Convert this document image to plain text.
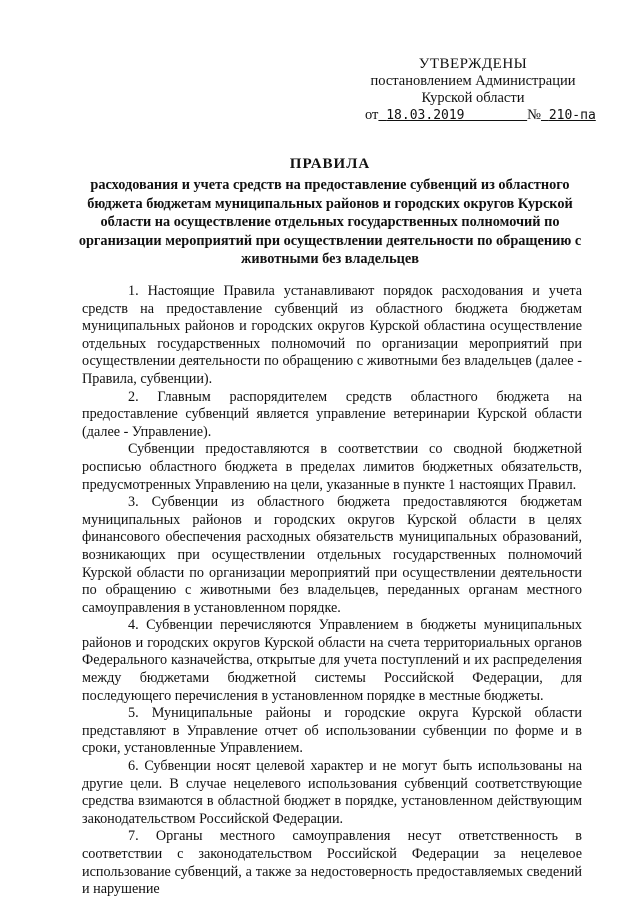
УТВЕРЖДЕНЫ
постановлением Администрации
Курской области
от 18.03.2019	№ 210-па
ПРАВИЛА
расходования и учета средств на предоставление субвенций из областного бюджета бюджетам муниципальных районов и городских округов Курской области на осуществление отдельных государственных полномочий по организации мероприятий при осуществлении деятельности по обращению с животными без владельцев

1. Настоящие Правила устанавливают порядок расходования и учета средств на предоставление субвенций из областного бюджета бюджетам муниципальных районов и городских округов Курской областина осуществление отдельных государственных полномочий по организации мероприятий при осуществлении деятельности по обращению с животными без владельцев (далее - Правила, субвенции).

2. Главным распорядителем средств областного бюджета на предоставление субвенций является управление ветеринарии Курской области (далее - Управление).

Субвенции предоставляются в соответствии со сводной бюджетной росписью областного бюджета в пределах лимитов бюджетных обязательств, предусмотренных Управлению на цели, указанные в пункте 1 настоящих Правил.

3. Субвенции из областного бюджета предоставляются бюджетам муниципальных районов и городских округов Курской области в целях финансового обеспечения расходных обязательств муниципальных образований, возникающих при осуществлении отдельных государственных полномочий Курской области по организации мероприятий при осуществлении деятельности по обращению с животными без владельцев, переданных органам местного самоуправления в установленном порядке.

4. Субвенции перечисляются Управлением в бюджеты муниципальных районов и городских округов Курской области на счета территориальных органов Федерального казначейства, открытые для учета поступлений и их распределения между бюджетами бюджетной системы Российской Федерации, для последующего перечисления в установленном порядке в местные бюджеты.

5. Муниципальные районы и городские округа Курской области представляют в Управление отчет об использовании субвенции по форме и в сроки, установленные Управлением.

6. Субвенции носят целевой характер и не могут быть использованы на другие цели. В случае нецелевого использования субвенций соответствующие средства взимаются в областной бюджет в порядке, установленном действующим законодательством Российской Федерации.

7. Органы местного самоуправления несут ответственность в соответствии с законодательством Российской Федерации за нецелевое использование субвенций, а также за недостоверность предоставляемых сведений и нарушение
